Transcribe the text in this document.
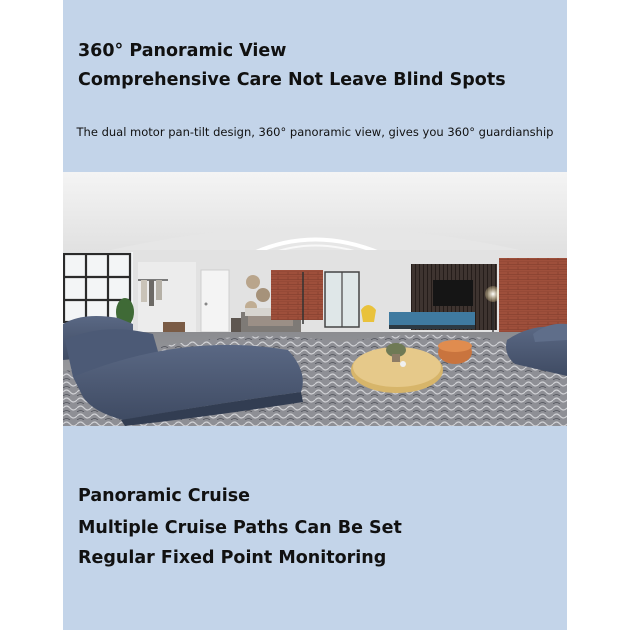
360° Panoramic View

Comprehensive Care Not Leave Blind Spots

The dual motor pan-tilt design, 360° panoramic view, gives you 360° guardianship

Panoramic Cruise

Multiple Cruise Paths Can Be Set

Regular Fixed Point Monitoring
